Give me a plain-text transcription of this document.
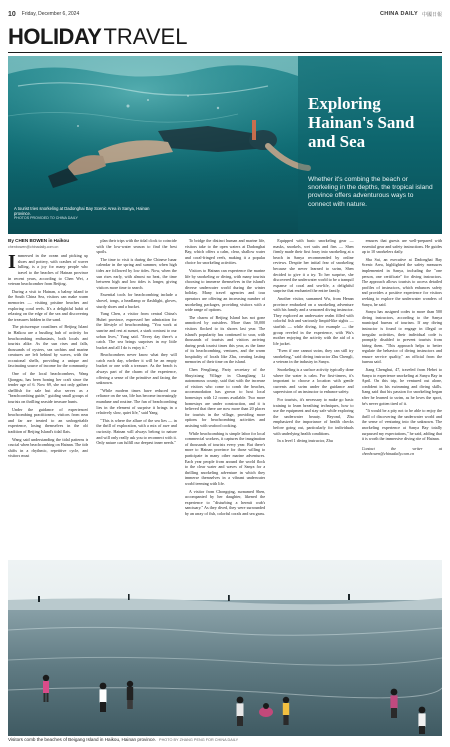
10 Friday, December 6, 2024	CHINA DAILY 中國日報
HOLIDAY TRAVEL
Exploring Hainan's Sand and Sea
Whether it's combing the beach or snorkeling in the depths, the tropical island province offers adventurous ways to connect with nature.
A tourist tries snorkeling at Dadonghai Bay Scenic Area in Sanya, Hainan province.
PHOTOS PROVIDED TO CHINA DAILY
By CHEN BOWEN in Haikou
chenbowen@chinadaily.com.cn

Immersed in the ocean and picking up shoes and pottery, with crashes of waves lulling, is a joy for many people who travel to the beaches of Hainan province in recent years, according to Chen Wei, a veteran beachcomber from Beijing.

During a visit to Hainan, a balmy island in the South China Sea, visitors can make warm memories — visiting pristine beaches and exploring coral reefs. It's a delightful habit of relaxing on the edge of the sea and discovering the treasures hidden in the sand.

The picturesque coastlines of Beijing Island in Haikou are a bustling hub of activity for beachcombing enthusiasts, both locals and tourists alike. As the sun rises and falls, thousands of oysters, sea urchins and marine creatures are left behind by waves, with the occasional shells, providing a unique and fascinating source of income for the community.

One of the local beachcombers, Wang Qiongpu, has been honing her craft since the tender age of 6. Now 69, she not only gathers shellfish for sale but also serves as a "beachcombing guide," guiding small groups of tourists on thrilling seaside treasure hunts.

Under the guidance of experienced beachcombing practitioners, visitors from near and far are treated to an unforgettable experience, losing themselves in the old tradition of Beijing Island's tidal flats.

Wang said understanding the tidal patterns is crucial when beachcombing on Hainan. The tide shifts in a rhythmic, repetitive cycle, and visitors must

plan their trips with the tidal clock to coincide with the low-water season to find the best spoils.

The time to visit is during the Chinese lunar calendar in the spring and summer, when high tides are followed by low tides. Now, when the sun rises early, with almost no heat, the time between high and low tides is longer, giving visitors more time to search.

Essential tools for beachcombing include a shovel, tongs, a headlamp or flashlight, gloves, sturdy shoes and a bucket.

Yang Chen, a visitor from central China's Hubei province, expressed her admiration for the lifestyle of beachcombing. "You work at sunrise and rest at sunset, a stark contrast to our urban lives," Yang said. "Every day there's a catch. The sea brings surprises in my little bucket and all I do is enjoy it."

Beachcombers never know what they will catch each day, whether it will be an empty bucket or one with a treasure. As the beach is always part of the charm of the experience, offering a sense of the primitive and facing the unknown.

"While modern times have reduced our reliance on the sea, life has become increasingly mundane and routine. The fun of beachcombing lies in the element of surprise it brings in a relatively slow, quiet life," said Yang.

"This is where the allure of the sea lies — in the thrill of exploration, with a mix of awe and curiosity. Hainan will always belong to nature and will only really ask you to reconnect with it. Only nature can fulfill our deepest inner needs."

To bridge the distinct human and marine life, visitors take to the open waters at Dadonghai Bay, which offers a calm, clear, shallow water and coral-fringed reefs, making it a popular choice for snorkeling activities.

Visitors to Hainan can experience the marine life by snorkeling or diving, with many tourists choosing to immerse themselves in the island's diverse underwater world during the winter holiday. Many travel agencies and tour operators are offering an increasing number of snorkeling packages, providing visitors with a wide range of options.

The charm of Beijing Island has not gone unnoticed by outsiders. More than 50,000 visitors flocked to its shores last year. The island's popularity has continued to soar, with thousands of tourists and visitors arriving during peak tourist times this year, as the fame of its beachcombing, ventures, and the warm hospitality of locals like Zhu, creating lasting memories of their time on the island.

Chen Fengliang, Party secretary of the Shuyixiang Village in Changliang Li autonomous county, said that with the increase of visitors who come to comb the beaches, accommodation has grown to host local homestays with 12 rooms available. Two more homestays are under construction, and it is believed that there are now more than 20 places for tourists in the village, providing more options for beachcombing activities and assisting with seafood cooking.

While beachcombing is simple labor for local commercial workers, it captures the imagination of thousands of tourists every year. But there's more to Hainan province for those willing to participate in many other marine adventures. Each year people from around the world flock to the clear water and waves of Sanya for a thrilling snorkeling adventure in which they immerse themselves in a vibrant underwater world teeming with life.

A visitor from Chongqing, surnamed Shen, accompanied by her daughter, likened the experience to "disturbing a hermit crab's sanctuary." As they dived, they were surrounded by an array of fish, colorful corals and sea grass.

Equipped with basic snorkeling gear — masks, snorkels, wet suits and fins — Shen firmly made their first foray into snorkeling at a beach in Sanya recommended by online reviews. Despite her initial fear of snorkeling because she never learned to swim, Shen decided to give it a try. To her surprise, she discovered the underwater world to be a tranquil expanse of coral and sea-life, a delightful surprise that enchanted the entire family.

Another visitor, surnamed Wu, from Henan province embarked on a snorkeling adventure with his family and a seasoned diving instructor. They explored an underwater realm filled with colorful fish and variously limpid-like sights — starfish — while diving, for example — the group reveled in the experience, with Wu's mother enjoying the activity with the aid of a life jacket.

"Even if one cannot swim, they can still try snorkeling," said diving instructor Zhu Chengli, a veteran in the industry in Sanya.

Snorkeling is a surface activity typically done where the water is calm. For first-timers, it's important to choose a location with gentle currents and swim under the guidance and supervision of an instructor to enhance safety.

For tourists, it's necessary to make go basic training to learn breathing techniques, how to use the equipment and stay safe while exploring the underwater beauty. Beyond, Zhu emphasized the importance of health checks before going out, particularly for individuals with underlying health conditions.

In a level 1 diving instructor, Zhu

ensures that guests are well-prepared with essential gear and safety instructions. He guides up to 10 snorkelers daily.

Sha Sai, an executive at Dadonghai Bay Scenic Area, highlighted the safety measures implemented in Sanya, including the "one person, one certificate" for diving instructors. The approach allows tourists to access detailed profiles of instructors, which enhances safety and provides a positive experience for visitors seeking to explore the underwater wonders of Sanya, he said.

Sanya has assigned codes to more than 500 diving instructors, according to the Sanya municipal bureau of tourism. If any diving instructor is found to engage in illegal or irregular activities, their individual code is promptly disabled to prevent tourists from hiring them. "This approach helps to better regulate the behavior of diving instructors and ensure service quality," an official from the bureau said.

Jiang Chenghui, 47, traveled from Hebei to Sanya to experience snorkeling at Sanya Bay in April. On this trip, he ventured out alone, confident in his swimming and diving skills. Jiang said that his passion for snorkeling began after he learned to swim, as he loves the sport, he's never gotten tired of it.

"It would be a pity not to be able to enjoy the thrill of discovering the underwater world and the sense of venturing into the unknown. The snorkeling experience at Sanya Bay totally surpassed my expectations," he said, adding that it is worth the immersive diving rite of Hainan.

Contact the writer at chenbowen@chinadaily.com.cn
Visitors comb the beaches of Beigang Island in Haikou, Hainan province. PHOTO BY ZHANG PENG FOR CHINA DAILY
